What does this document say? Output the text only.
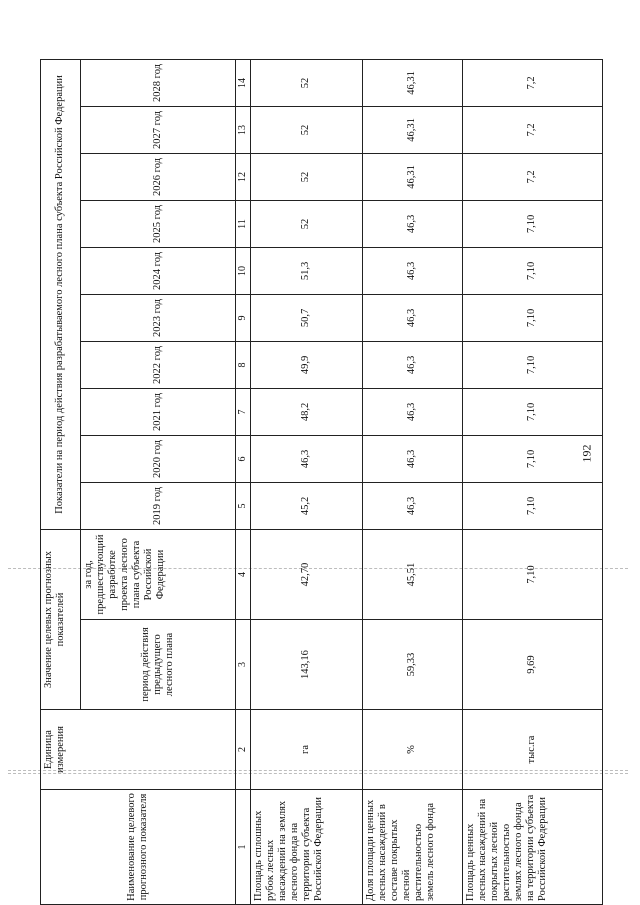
Наименование целевого прогнозного показателя	Единица измерения	Значение целевых прогнозных показателей		Показатели на период действия разрабатываемого лесного плана субъекта Российской Федерации									
		период действия предыдущего лесного плана	за год, предшествующий разработке проекта лесного плана субъекта Российской Федерации	2019 год	2020 год	2021 год	2022 год	2023 год	2024 год	2025 год	2026 год	2027 год	2028 год
1	2	3	4	5	6	7	8	9	10	11	12	13	14
Площадь сплошных рубок лесных насаждений на землях лесного фонда на территории субъекта Российской Федерации	га	143,16	42,70	45,2	46,3	48,2	49,9	50,7	51,3	52	52	52	52
Доля площади ценных лесных насаждений в составе покрытых лесной растительностью земель лесного фонда	%	59,33	45,51	46,3	46,3	46,3	46,3	46,3	46,3	46,3	46,31	46,31	46,31
Площадь ценных лесных насаждений на покрытых лесной растительностью землях лесного фонда на территории субъекта Российской Федерации	тыс.га	9,69	7,10	7,10	7,10	7,10	7,10	7,10	7,10	7,10	7,2	7,2	7,2
192
